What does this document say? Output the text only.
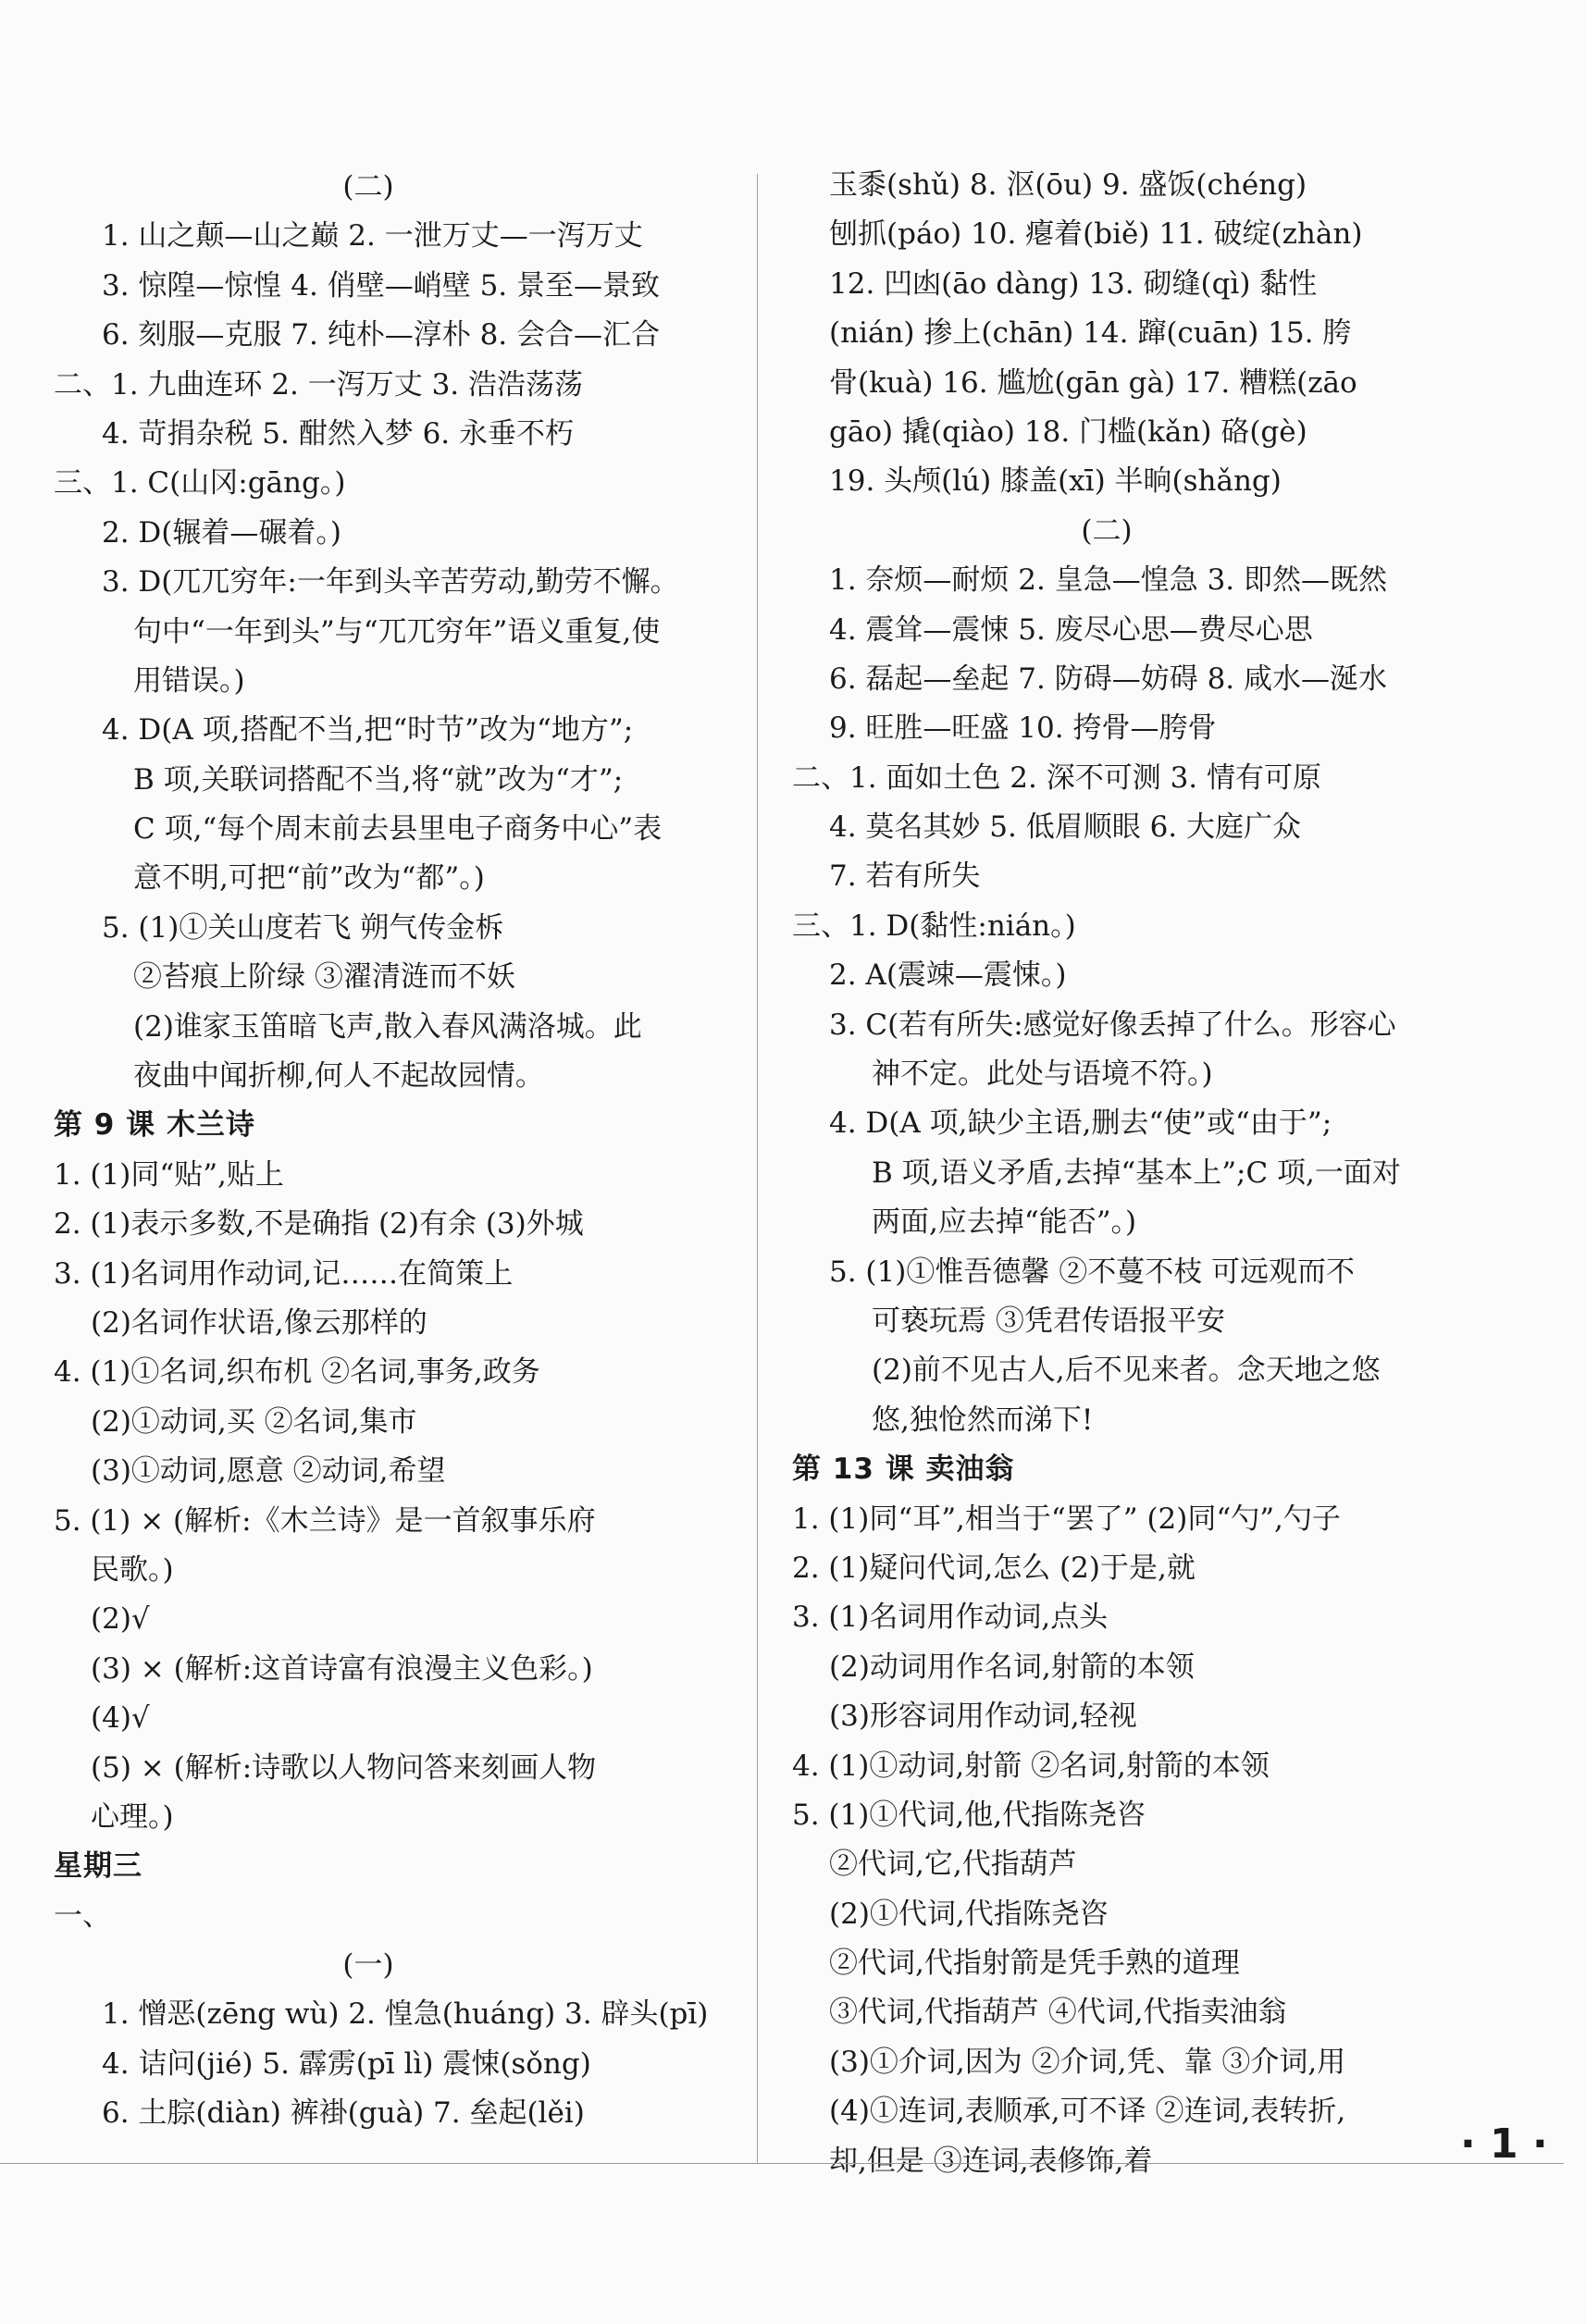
(二)
1. 山之颠—山之巅 2. 一泄万丈—一泻万丈
3. 惊隍—惊惶 4. 俏壁—峭壁 5. 景至—景致
6. 刻服—克服 7. 纯朴—淳朴 8. 会合—汇合
二、1. 九曲连环 2. 一泻万丈 3. 浩浩荡荡
4. 苛捐杂税 5. 酣然入梦 6. 永垂不朽
三、1. C(山冈:gāng。)
2. D(辗着—碾着。)
3. D(兀兀穷年:一年到头辛苦劳动,勤劳不懈。
句中“一年到头”与“兀兀穷年”语义重复,使
用错误。)
4. D(A 项,搭配不当,把“时节”改为“地方”;
B 项,关联词搭配不当,将“就”改为“才”;
C 项,“每个周末前去县里电子商务中心”表
意不明,可把“前”改为“都”。)
5. (1)①关山度若飞 朔气传金柝
②苔痕上阶绿 ③濯清涟而不妖
(2)谁家玉笛暗飞声,散入春风满洛城。此
夜曲中闻折柳,何人不起故园情。
第 9 课 木兰诗
1. (1)同“贴”,贴上
2. (1)表示多数,不是确指 (2)有余 (3)外城
3. (1)名词用作动词,记……在简策上
(2)名词作状语,像云那样的
4. (1)①名词,织布机 ②名词,事务,政务
(2)①动词,买 ②名词,集市
(3)①动词,愿意 ②动词,希望
5. (1) × (解析:《木兰诗》是一首叙事乐府
民歌。)
(2)√
(3) × (解析:这首诗富有浪漫主义色彩。)
(4)√
(5) × (解析:诗歌以人物问答来刻画人物
心理。)
星期三
一、
(一)
1. 憎恶(zēng wù) 2. 惶急(huáng) 3. 辟头(pī)
4. 诘问(jié) 5. 霹雳(pī lì) 震悚(sǒng)
6. 土腙(diàn) 裤褂(guà) 7. 垒起(lěi)
玉黍(shǔ) 8. 沤(ōu) 9. 盛饭(chéng)
刨抓(páo) 10. 瘪着(biě) 11. 破绽(zhàn)
12. 凹凼(āo dàng) 13. 砌缝(qì) 黏性
(nián) 掺上(chān) 14. 蹿(cuān) 15. 胯
骨(kuà) 16. 尴尬(gān gà) 17. 糟糕(zāo
gāo) 撬(qiào) 18. 门槛(kǎn) 硌(gè)
19. 头颅(lú) 膝盖(xī) 半晌(shǎng)
(二)
1. 奈烦—耐烦 2. 皇急—惶急 3. 即然—既然
4. 震耸—震悚 5. 废尽心思—费尽心思
6. 磊起—垒起 7. 防碍—妨碍 8. 咸水—涎水
9. 旺胜—旺盛 10. 挎骨—胯骨
二、1. 面如土色 2. 深不可测 3. 情有可原
4. 莫名其妙 5. 低眉顺眼 6. 大庭广众
7. 若有所失
三、1. D(黏性:nián。)
2. A(震竦—震悚。)
3. C(若有所失:感觉好像丢掉了什么。形容心
神不定。此处与语境不符。)
4. D(A 项,缺少主语,删去“使”或“由于”;
B 项,语义矛盾,去掉“基本上”;C 项,一面对
两面,应去掉“能否”。)
5. (1)①惟吾德馨 ②不蔓不枝 可远观而不
可亵玩焉 ③凭君传语报平安
(2)前不见古人,后不见来者。念天地之悠
悠,独怆然而涕下!
第 13 课 卖油翁
1. (1)同“耳”,相当于“罢了” (2)同“勺”,勺子
2. (1)疑问代词,怎么 (2)于是,就
3. (1)名词用作动词,点头
(2)动词用作名词,射箭的本领
(3)形容词用作动词,轻视
4. (1)①动词,射箭 ②名词,射箭的本领
5. (1)①代词,他,代指陈尧咨
②代词,它,代指葫芦
(2)①代词,代指陈尧咨
②代词,代指射箭是凭手熟的道理
③代词,代指葫芦 ④代词,代指卖油翁
(3)①介词,因为 ②介词,凭、靠 ③介词,用
(4)①连词,表顺承,可不译 ②连词,表转折,
却,但是 ③连词,表修饰,着	· 1 ·
